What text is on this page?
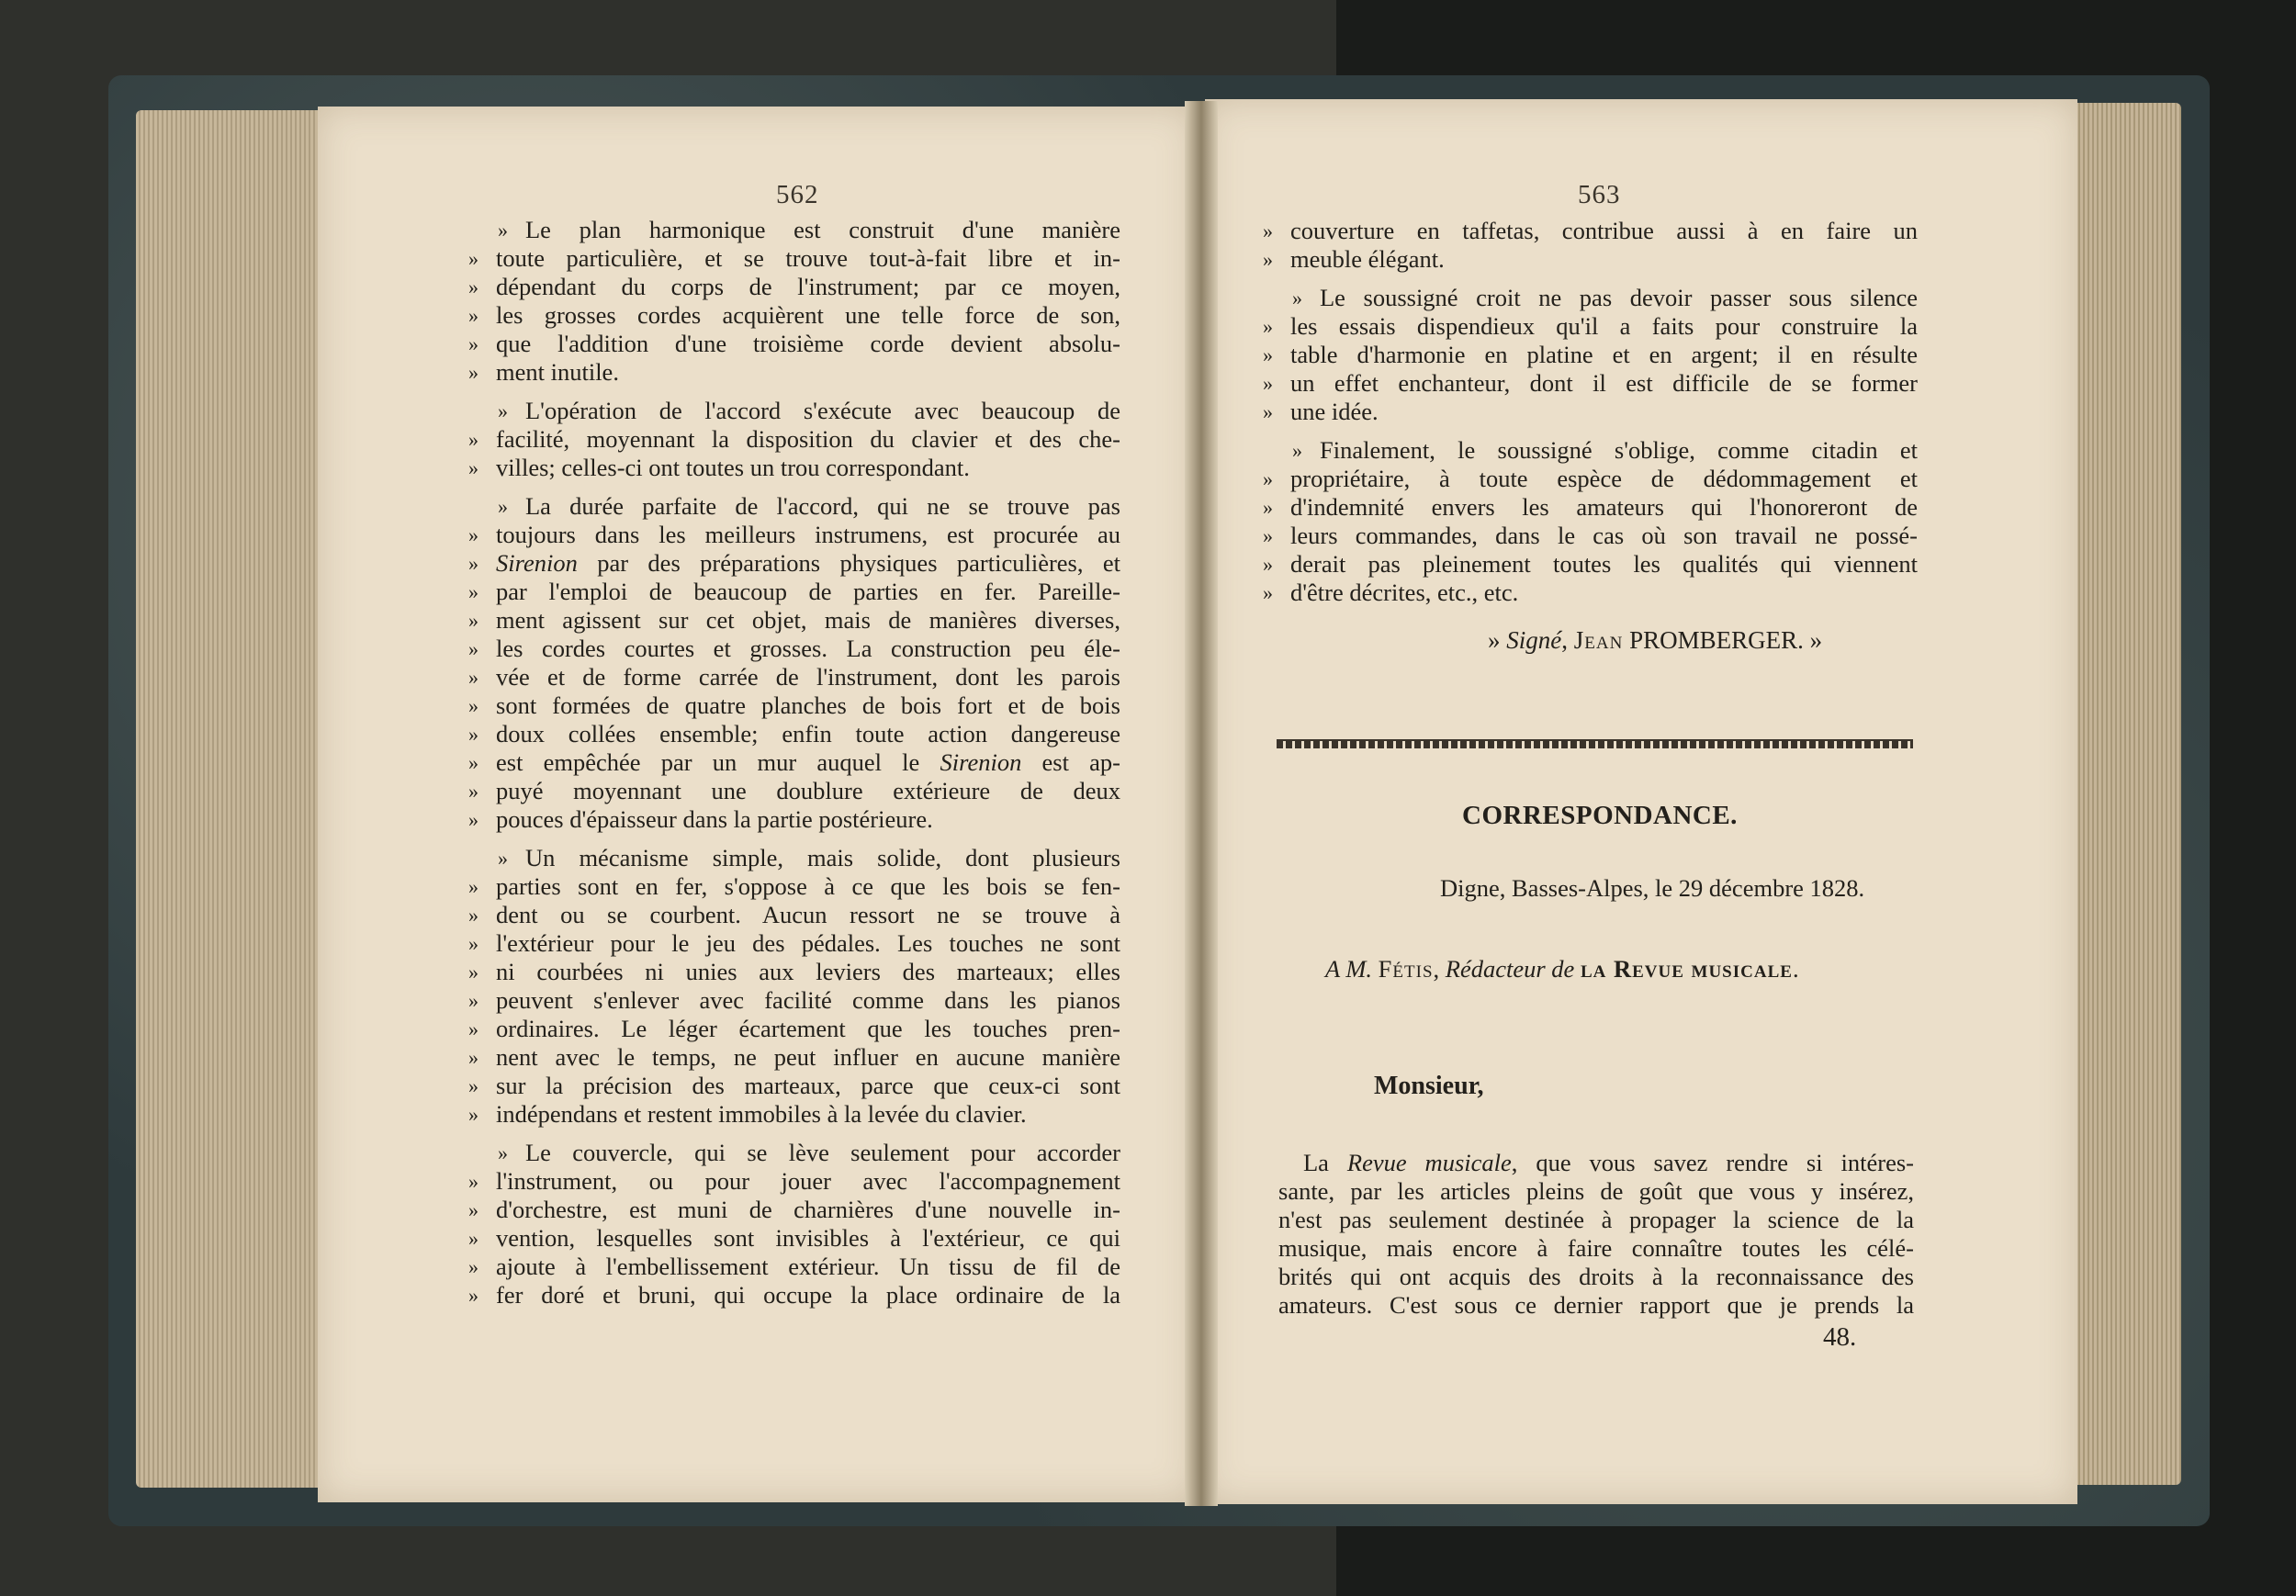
562	563
» Le plan harmonique est construit d'une manière
» toute particulière, et se trouve tout-à-fait libre et in-
» dépendant du corps de l'instrument; par ce moyen,
» les grosses cordes acquièrent une telle force de son,
» que l'addition d'une troisième corde devient absolu-
» ment inutile.
» L'opération de l'accord s'exécute avec beaucoup de
» facilité, moyennant la disposition du clavier et des che-
» villes; celles-ci ont toutes un trou correspondant.
» La durée parfaite de l'accord, qui ne se trouve pas
» toujours dans les meilleurs instrumens, est procurée au
» Sirenion par des préparations physiques particulières, et
» par l'emploi de beaucoup de parties en fer. Pareille-
» ment agissent sur cet objet, mais de manières diverses,
» les cordes courtes et grosses. La construction peu éle-
» vée et de forme carrée de l'instrument, dont les parois
» sont formées de quatre planches de bois fort et de bois
» doux collées ensemble; enfin toute action dangereuse
» est empêchée par un mur auquel le Sirenion est ap-
» puyé moyennant une doublure extérieure de deux
» pouces d'épaisseur dans la partie postérieure.
» Un mécanisme simple, mais solide, dont plusieurs
» parties sont en fer, s'oppose à ce que les bois se fen-
» dent ou se courbent. Aucun ressort ne se trouve à
» l'extérieur pour le jeu des pédales. Les touches ne sont
» ni courbées ni unies aux leviers des marteaux; elles
» peuvent s'enlever avec facilité comme dans les pianos
» ordinaires. Le léger écartement que les touches pren-
» nent avec le temps, ne peut influer en aucune manière
» sur la précision des marteaux, parce que ceux-ci sont
» indépendans et restent immobiles à la levée du clavier.
» Le couvercle, qui se lève seulement pour accorder
» l'instrument, ou pour jouer avec l'accompagnement
» d'orchestre, est muni de charnières d'une nouvelle in-
» vention, lesquelles sont invisibles à l'extérieur, ce qui
» ajoute à l'embellissement extérieur. Un tissu de fil de
» fer doré et bruni, qui occupe la place ordinaire de la
» couverture en taffetas, contribue aussi à en faire un
» meuble élégant.
» Le soussigné croit ne pas devoir passer sous silence
» les essais dispendieux qu'il a faits pour construire la
» table d'harmonie en platine et en argent; il en résulte
» un effet enchanteur, dont il est difficile de se former
» une idée.
» Finalement, le soussigné s'oblige, comme citadin et
» propriétaire, à toute espèce de dédommagement et
» d'indemnité envers les amateurs qui l'honoreront de
» leurs commandes, dans le cas où son travail ne possé-
» derait pas pleinement toutes les qualités qui viennent
» d'être décrites, etc., etc.
» Signé, Jean PROMBERGER. »
CORRESPONDANCE.
Digne, Basses-Alpes, le 29 décembre 1828.
A M. Fétis, Rédacteur de la Revue musicale.
Monsieur,
La Revue musicale, que vous savez rendre si intéres-
sante, par les articles pleins de goût que vous y insérez,
n'est pas seulement destinée à propager la science de la
musique, mais encore à faire connaître toutes les célé-
brités qui ont acquis des droits à la reconnaissance des
amateurs. C'est sous ce dernier rapport que je prends la
48.
